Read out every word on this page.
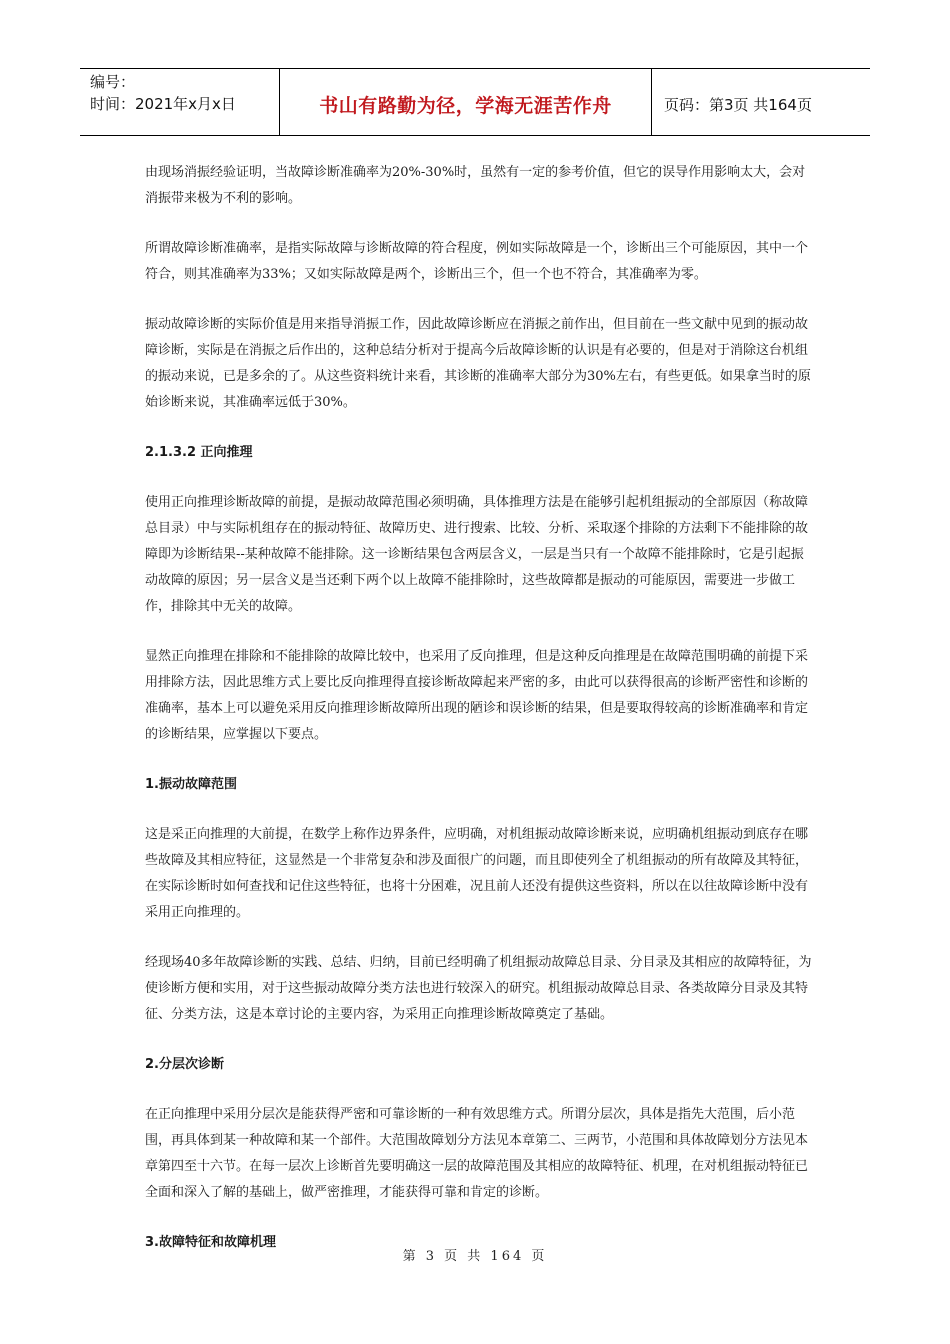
编号：
时间：2021年x月x日	书山有路勤为径，学海无涯苦作舟	页码：第3页 共164页

由现场消振经验证明，当故障诊断准确率为20%-30%时，虽然有一定的参考价值，但它的误导作用影响太大，会对消振带来极为不利的影响。

所谓故障诊断准确率，是指实际故障与诊断故障的符合程度，例如实际故障是一个，诊断出三个可能原因，其中一个符合，则其准确率为33%；又如实际故障是两个，诊断出三个，但一个也不符合，其准确率为零。

振动故障诊断的实际价值是用来指导消振工作，因此故障诊断应在消振之前作出，但目前在一些文献中见到的振动故障诊断，实际是在消振之后作出的，这种总结分析对于提高今后故障诊断的认识是有必要的，但是对于消除这台机组的振动来说，已是多余的了。从这些资料统计来看，其诊断的准确率大部分为30%左右，有些更低。如果拿当时的原始诊断来说，其准确率远低于30%。

2.1.3.2 正向推理

使用正向推理诊断故障的前提，是振动故障范围必须明确，具体推理方法是在能够引起机组振动的全部原因（称故障总目录）中与实际机组存在的振动特征、故障历史、进行搜索、比较、分析、采取逐个排除的方法剩下不能排除的故障即为诊断结果--某种故障不能排除。这一诊断结果包含两层含义，一层是当只有一个故障不能排除时，它是引起振动故障的原因；另一层含义是当还剩下两个以上故障不能排除时，这些故障都是振动的可能原因，需要进一步做工作，排除其中无关的故障。

显然正向推理在排除和不能排除的故障比较中，也采用了反向推理，但是这种反向推理是在故障范围明确的前提下采用排除方法，因此思维方式上要比反向推理得直接诊断故障起来严密的多，由此可以获得很高的诊断严密性和诊断的准确率，基本上可以避免采用反向推理诊断故障所出现的陋诊和误诊断的结果，但是要取得较高的诊断准确率和肯定的诊断结果，应掌握以下要点。

1.振动故障范围

这是采正向推理的大前提，在数学上称作边界条件，应明确，对机组振动故障诊断来说，应明确机组振动到底存在哪些故障及其相应特征，这显然是一个非常复杂和涉及面很广的问题，而且即使列全了机组振动的所有故障及其特征，在实际诊断时如何查找和记住这些特征，也将十分困难，况且前人还没有提供这些资料，所以在以往故障诊断中没有采用正向推理的。

经现场40多年故障诊断的实践、总结、归纳，目前已经明确了机组振动故障总目录、分目录及其相应的故障特征，为使诊断方便和实用，对于这些振动故障分类方法也进行较深入的研究。机组振动故障总目录、各类故障分目录及其特征、分类方法，这是本章讨论的主要内容，为采用正向推理诊断故障奠定了基础。

2.分层次诊断

在正向推理中采用分层次是能获得严密和可靠诊断的一种有效思维方式。所谓分层次，具体是指先大范围，后小范围，再具体到某一种故障和某一个部件。大范围故障划分方法见本章第二、三两节，小范围和具体故障划分方法见本章第四至十六节。在每一层次上诊断首先要明确这一层的故障范围及其相应的故障特征、机理，在对机组振动特征已全面和深入了解的基础上，做严密推理，才能获得可靠和肯定的诊断。

3.故障特征和故障机理
第 3 页 共 164 页
